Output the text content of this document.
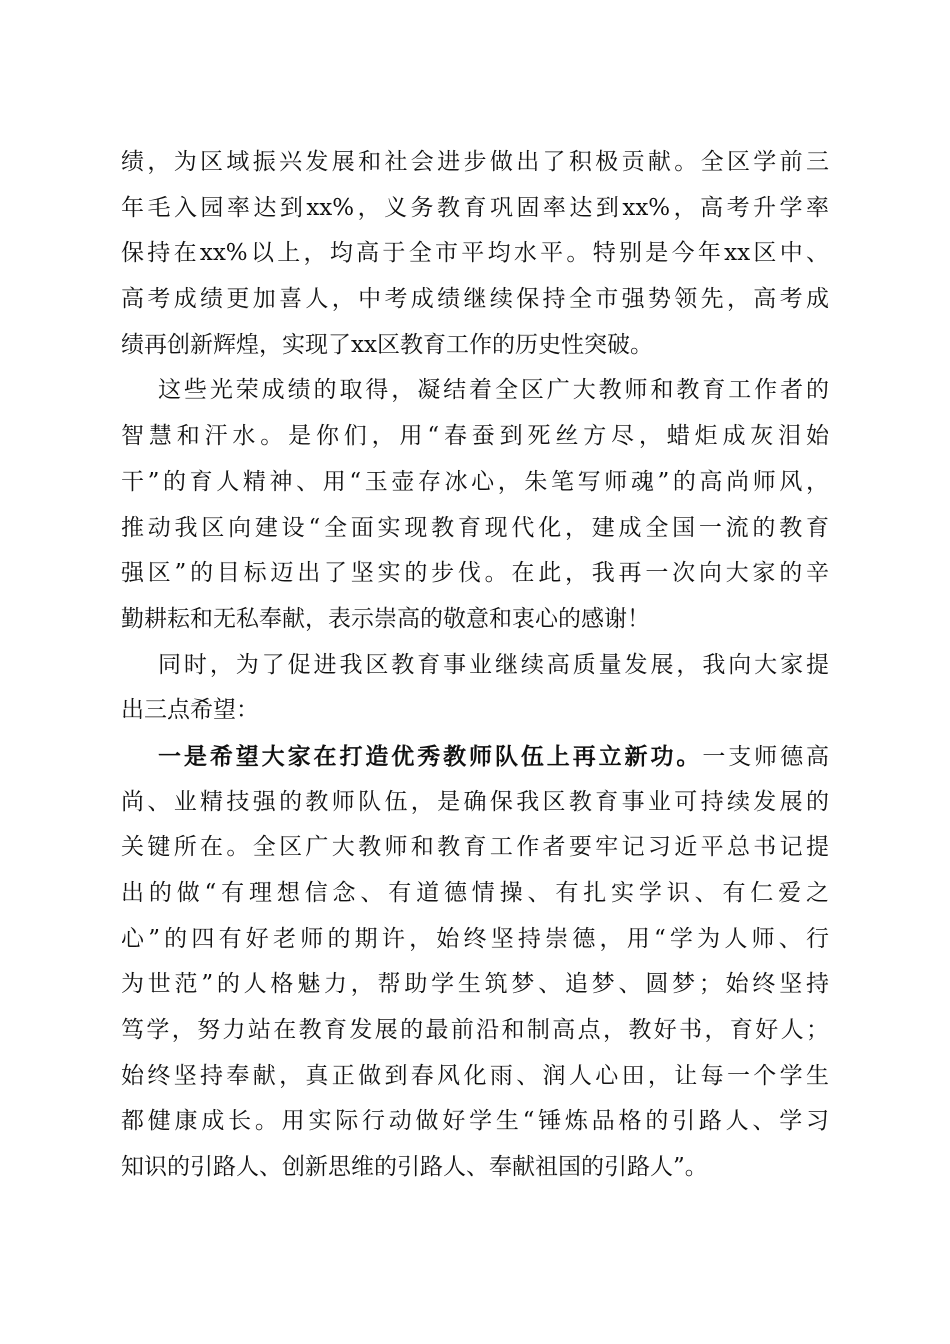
绩，为区域振兴发展和社会进步做出了积极贡献。全区学前三
年毛入园率达到xx%，义务教育巩固率达到xx%，高考升学率
保持在xx%以上，均高于全市平均水平。特别是今年xx区中、
高考成绩更加喜人，中考成绩继续保持全市强势领先，高考成
绩再创新辉煌，实现了xx区教育工作的历史性突破。
这些光荣成绩的取得，凝结着全区广大教师和教育工作者的
智慧和汗水。是你们，用“春蚕到死丝方尽，蜡炬成灰泪始
干”的育人精神、用“玉壶存冰心，朱笔写师魂”的高尚师风，
推动我区向建设“全面实现教育现代化，建成全国一流的教育
强区”的目标迈出了坚实的步伐。在此，我再一次向大家的辛
勤耕耘和无私奉献，表示崇高的敬意和衷心的感谢！
同时，为了促进我区教育事业继续高质量发展，我向大家提
出三点希望：
一是希望大家在打造优秀教师队伍上再立新功。一支师德高
尚、业精技强的教师队伍，是确保我区教育事业可持续发展的
关键所在。全区广大教师和教育工作者要牢记习近平总书记提
出的做“有理想信念、有道德情操、有扎实学识、有仁爱之
心”的四有好老师的期许，始终坚持崇德，用“学为人师、行
为世范”的人格魅力，帮助学生筑梦、追梦、圆梦；始终坚持
笃学，努力站在教育发展的最前沿和制高点，教好书，育好人；
始终坚持奉献，真正做到春风化雨、润人心田，让每一个学生
都健康成长。用实际行动做好学生“锤炼品格的引路人、学习
知识的引路人、创新思维的引路人、奉献祖国的引路人”。
